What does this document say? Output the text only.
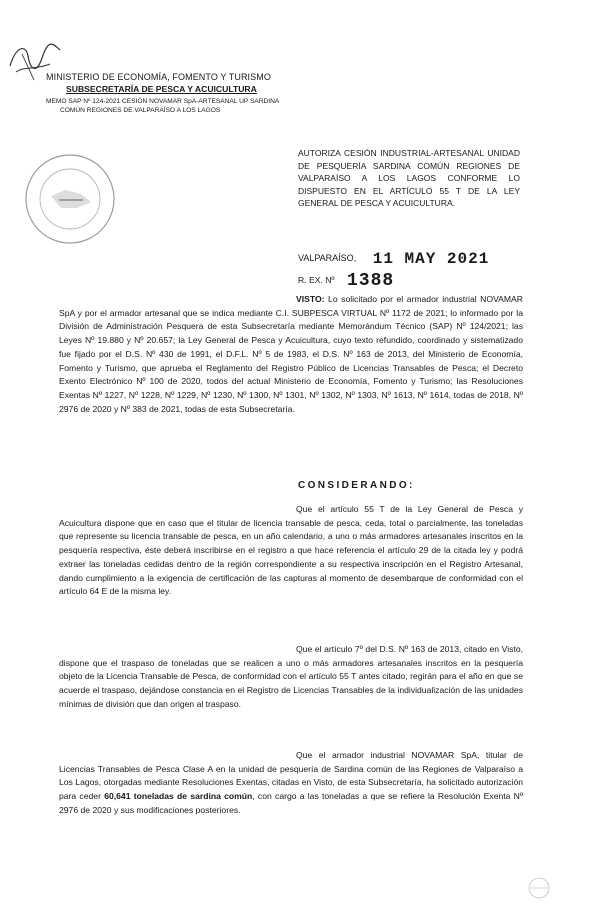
MINISTERIO DE ECONOMÍA, FOMENTO Y TURISMO
SUBSECRETARÍA DE PESCA Y ACUICULTURA
MEMO SAP Nº 124-2021 CESIÓN NOVAMAR SpA-ARTESANAL UP SARDINA
COMÚN REGIONES DE VALPARAÍSO A LOS LAGOS
AUTORIZA CESIÓN INDUSTRIAL-ARTESANAL UNIDAD DE PESQUERÍA SARDINA COMÚN REGIONES DE VALPARAÍSO A LOS LAGOS CONFORME LO DISPUESTO EN EL ARTÍCULO 55 T DE LA LEY GENERAL DE PESCA Y ACUICULTURA.
VALPARAÍSO, 11 MAY 2021
R. EX. Nº 1388

VISTO: Lo solicitado por el armador industrial NOVAMAR SpA y por el armador artesanal que se indica mediante C.I. SUBPESCA VIRTUAL Nº 1172 de 2021; lo informado por la División de Administración Pesquera de esta Subsecretaría mediante Memorándum Técnico (SAP) Nº 124/2021; las Leyes Nº 19.880 y Nº 20.657; la Ley General de Pesca y Acuicultura, cuyo texto refundido, coordinado y sistematizado fue fijado por el D.S. Nº 430 de 1991, el D.F.L. Nº 5 de 1983, el D.S. Nº 163 de 2013, del Ministerio de Economía, Fomento y Turismo, que aprueba el Reglamento del Registro Público de Licencias Transables de Pesca; el Decreto Exento Electrónico Nº 100 de 2020, todos del actual Ministerio de Economía, Fomento y Turismo; las Resoluciones Exentas Nº 1227, Nº 1228, Nº 1229, Nº 1230, Nº 1300, Nº 1301, Nº 1302, Nº 1303, Nº 1613, Nº 1614, todas de 2018, Nº 2976 de 2020 y Nº 383 de 2021, todas de esta Subsecretaría.

CONSIDERANDO:

Que el artículo 55 T de la Ley General de Pesca y Acuicultura dispone que en caso que el titular de licencia transable de pesca, ceda, total o parcialmente, las toneladas que represente su licencia transable de pesca, en un año calendario, a uno o más armadores artesanales inscritos en la pesquería respectiva, éste deberá inscribirse en el registro a que hace referencia el artículo 29 de la citada ley y podrá extraer las toneladas cedidas dentro de la región correspondiente a su respectiva inscripción en el Registro Artesanal, dando cumplimiento a la exigencia de certificación de las capturas al momento de desembarque de conformidad con el artículo 64 E de la misma ley.

Que el artículo 7º del D.S. Nº 163 de 2013, citado en Visto, dispone que el traspaso de toneladas que se realicen a uno o más armadores artesanales inscritos en la pesquería objeto de la Licencia Transable de Pesca, de conformidad con el artículo 55 T antes citado, regirán para el año en que se acuerde el traspaso, dejándose constancia en el Registro de Licencias Transables de la individualización de las unidades mínimas de división que dan origen al traspaso.

Que el armador industrial NOVAMAR SpA, titular de Licencias Transables de Pesca Clase A en la unidad de pesquería de Sardina común de las Regiones de Valparaíso a Los Lagos, otorgadas mediante Resoluciones Exentas, citadas en Visto, de esta Subsecretaría, ha solicitado autorización para ceder 60,641 toneladas de sardina común, con cargo a las toneladas a que se refiere la Resolución Exenta Nº 2976 de 2020 y sus modificaciones posteriores.
